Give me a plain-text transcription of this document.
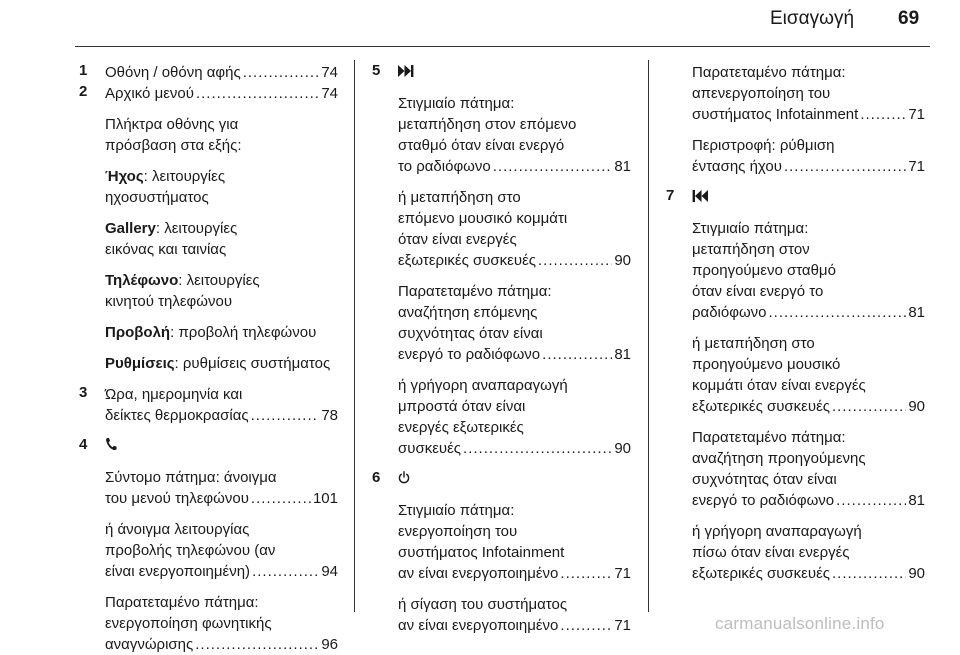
Εισαγωγή 69
1 Οθόνη / οθόνη αφής .....	74
2 Αρχικό μενού .....	74
Πλήκτρα οθόνης για
πρόσβαση στα εξής:
Ήχος: λειτουργίες
ηχοσυστήματος
Gallery: λειτουργίες
εικόνας και ταινίας
Τηλέφωνο: λειτουργίες
κινητού τηλεφώνου
Προβολή: προβολή τηλεφώνου
Ρυθμίσεις: ρυθμίσεις συστήματος
3 Ώρα, ημερομηνία και
δείκτες θερμοκρασίας .....	78
4
Σύντομο πάτημα: άνοιγμα
του μενού τηλεφώνου .....	101
ή άνοιγμα λειτουργίας
προβολής τηλεφώνου (αν
είναι ενεργοποιημένη) .....	94
Παρατεταμένο πάτημα:
ενεργοποίηση φωνητικής
αναγνώρισης .....	96
5
Στιγμιαίο πάτημα:
μεταπήδηση στον επόμενο
σταθμό όταν είναι ενεργό
το ραδιόφωνο .....	81
ή μεταπήδηση στο
επόμενο μουσικό κομμάτι
όταν είναι ενεργές
εξωτερικές συσκευές .....	90
Παρατεταμένο πάτημα:
αναζήτηση επόμενης
συχνότητας όταν είναι
ενεργό το ραδιόφωνο .....	81
ή γρήγορη αναπαραγωγή
μπροστά όταν είναι
ενεργές εξωτερικές
συσκευές .....	90
6
Στιγμιαίο πάτημα:
ενεργοποίηση του
συστήματος Infotainment
αν είναι ενεργοποιημένο .....	71
ή σίγαση του συστήματος
αν είναι ενεργοποιημένο .....	71
Παρατεταμένο πάτημα:
απενεργοποίηση του
συστήματος Infotainment .....	71
Περιστροφή: ρύθμιση
έντασης ήχου .....	71
7
Στιγμιαίο πάτημα:
μεταπήδηση στον
προηγούμενο σταθμό
όταν είναι ενεργό το
ραδιόφωνο .....	81
ή μεταπήδηση στο
προηγούμενο μουσικό
κομμάτι όταν είναι ενεργές
εξωτερικές συσκευές .....	90
Παρατεταμένο πάτημα:
αναζήτηση προηγούμενης
συχνότητας όταν είναι
ενεργό το ραδιόφωνο .....	81
ή γρήγορη αναπαραγωγή
πίσω όταν είναι ενεργές
εξωτερικές συσκευές .....	90
carmanualsonline.info
